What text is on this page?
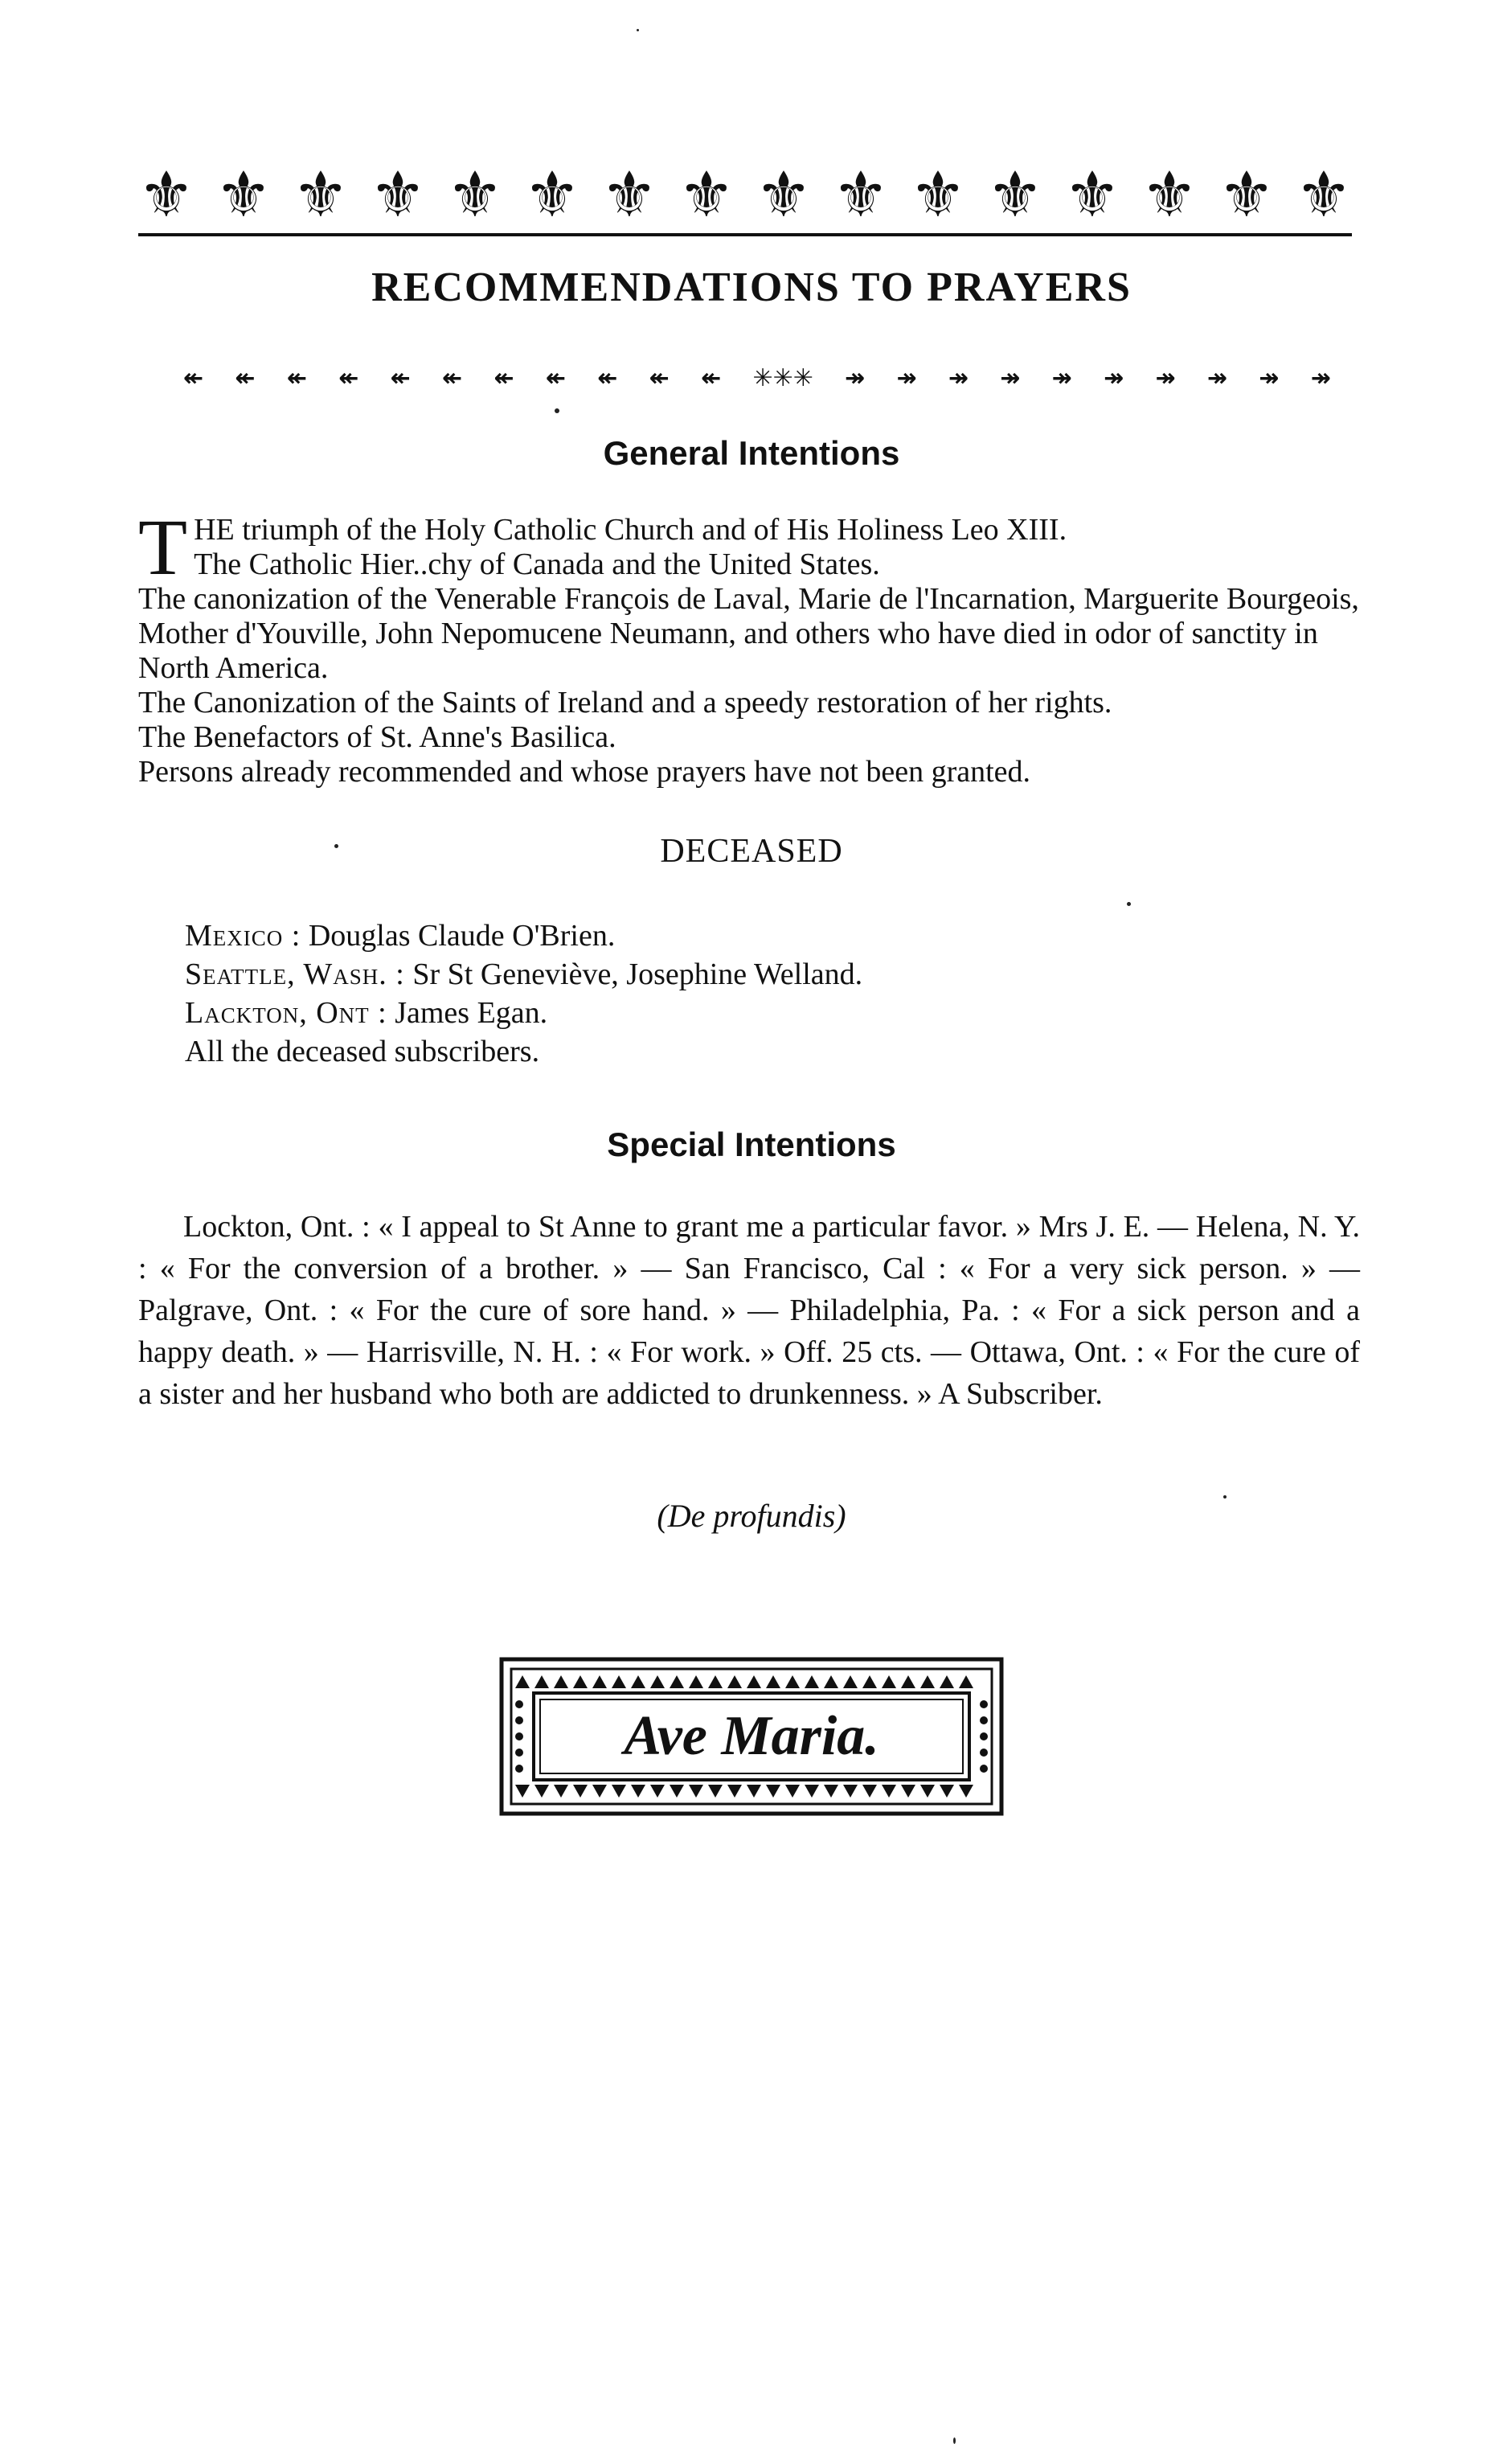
⚜ ⚜ ⚜ ⚜ ⚜ ⚜ ⚜ ⚜ ⚜ ⚜ ⚜ ⚜ ⚜ ⚜ ⚜ ⚜
RECOMMENDATIONS TO PRAYERS
↞ ↞ ↞ ↞ ↞ ↞ ↞ ↞ ↞ ↞ ↞ ✳︎✳︎✳︎ ↠ ↠ ↠ ↠ ↠ ↠ ↠ ↠ ↠ ↠
General Intentions

THE triumph of the Holy Catholic Church and of His Holiness Leo XIII.

The Catholic Hier..chy of Canada and the United States.

The canonization of the Venerable François de Laval, Marie de l'Incarnation, Marguerite Bourgeois, Mother d'Youville, John Nepomucene Neumann, and others who have died in odor of sanctity in North America.

The Canonization of the Saints of Ireland and a speedy restoration of her rights.

The Benefactors of St. Anne's Basilica.

Persons already recommended and whose prayers have not been granted.

DECEASED

Mexico : Douglas Claude O'Brien.

Seattle, Wash. : Sr St Geneviève, Josephine Welland.

Lackton, Ont : James Egan.

All the deceased subscribers.

Special Intentions

Lockton, Ont. : « I appeal to St Anne to grant me a particular favor. » Mrs J. E. — Helena, N. Y. : « For the conversion of a brother. » — San Francisco, Cal : « For a very sick person. » — Palgrave, Ont. : « For the cure of sore hand. » — Philadelphia, Pa. : « For a sick person and a happy death. » — Harrisville, N. H. : « For work. » Off. 25 cts. — Ottawa, Ont. : « For the cure of a sister and her husband who both are addicted to drunkenness. » A Subscriber.

(De profundis)
Ave Maria.
